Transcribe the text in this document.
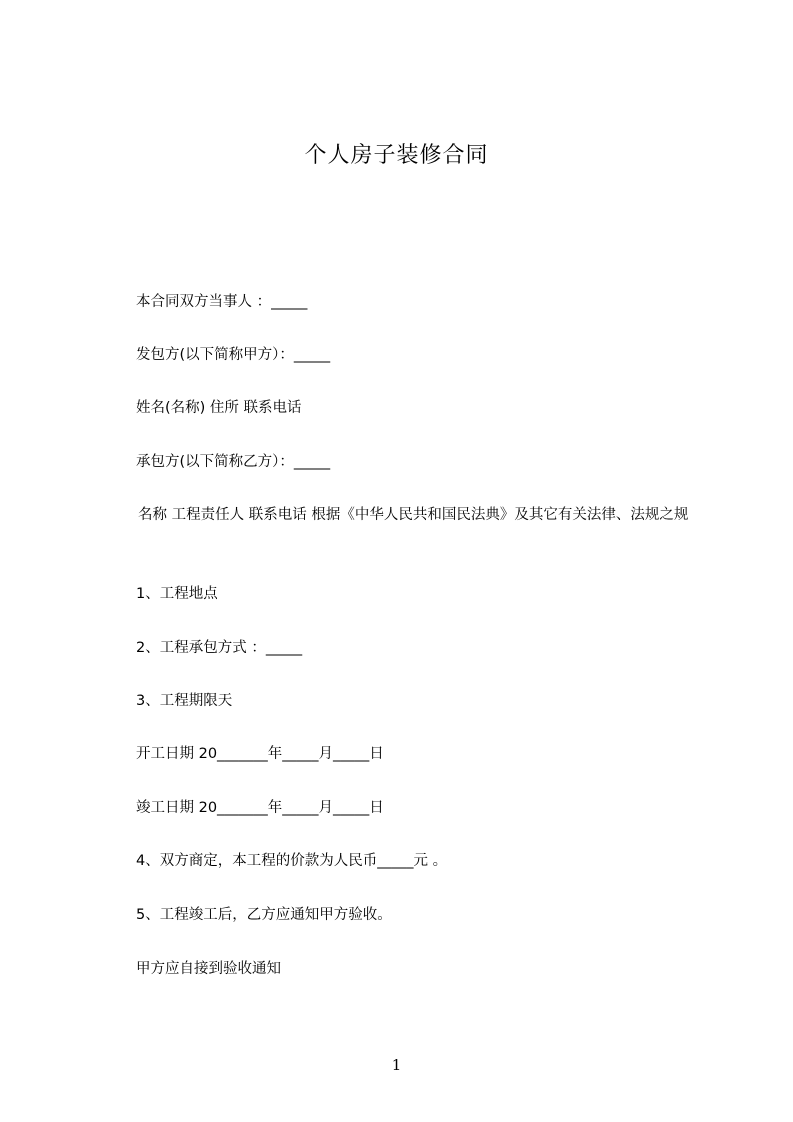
个人房子装修合同
本合同双方当事人 ：_____
发包方(以下简称甲方）：_____
姓名(名称) 住所 联系电话
承包方(以下简称乙方）：_____
名称 工程责任人 联系电话 根据《中华人民共和国民法典》及其它有关法律、法规之规
1、工程地点
2、工程承包方式 ：_____
3、工程期限天
开工日期 20_______年_____月_____日
竣工日期 20_______年_____月_____日
4、双方商定，本工程的价款为人民币_____元 。
5、工程竣工后，乙方应通知甲方验收。
甲方应自接到验收通知
1
